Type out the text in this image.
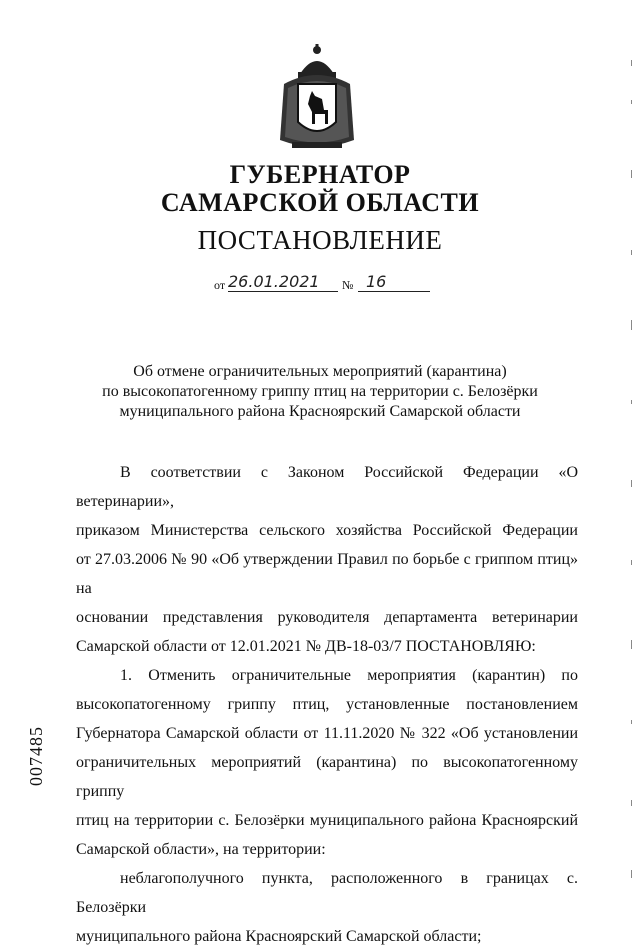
ГУБЕРНАТОР
САМАРСКОЙ ОБЛАСТИ
ПОСТАНОВЛЕНИЕ
от 26.01.2021 № 16
Об отмене ограничительных мероприятий (карантина)
по высокопатогенному гриппу птиц на территории с. Белозёрки
муниципального района Красноярский Самарской области

В соответствии с Законом Российской Федерации «О ветеринарии»,

приказом Министерства сельского хозяйства Российской Федерации

от 27.03.2006 № 90 «Об утверждении Правил по борьбе с гриппом птиц» на

основании представления руководителя департамента ветеринарии

Самарской области от 12.01.2021 № ДВ-18-03/7 ПОСТАНОВЛЯЮ:

1. Отменить ограничительные мероприятия (карантин) по

высокопатогенному гриппу птиц, установленные постановлением

Губернатора Самарской области от 11.11.2020 № 322 «Об установлении

ограничительных мероприятий (карантина) по высокопатогенному гриппу

птиц на территории с. Белозёрки муниципального района Красноярский

Самарской области», на территории:

неблагополучного пункта, расположенного в границах с. Белозёрки

муниципального района Красноярский Самарской области;

007485
